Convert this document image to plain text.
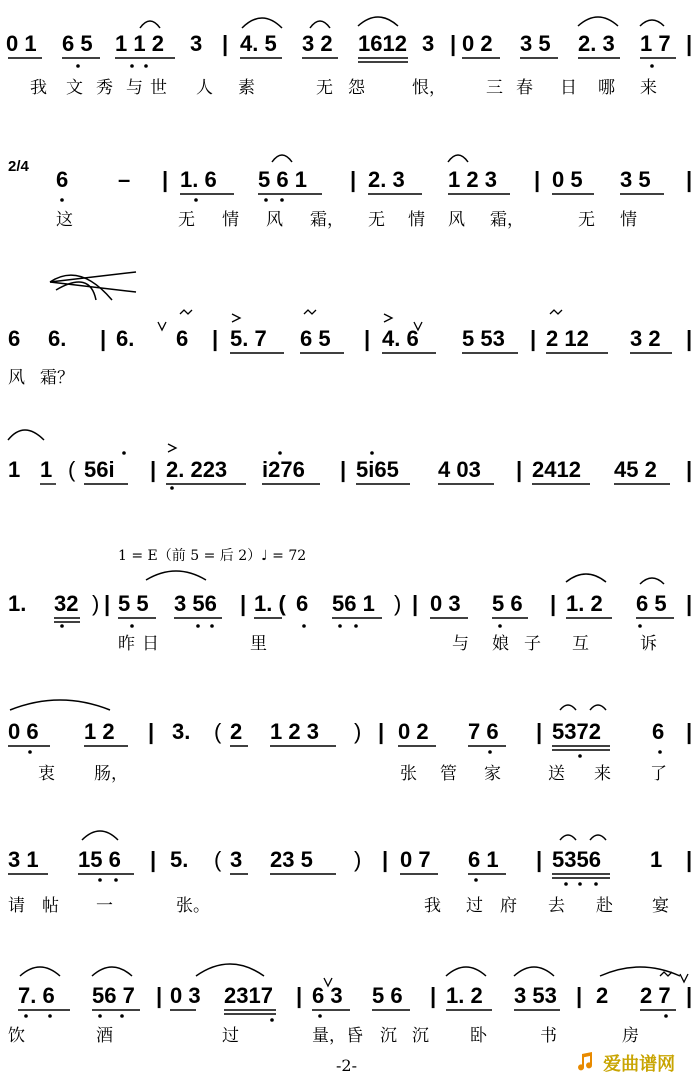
0 1 6 5 1 1 2 3 | 4. 5 3 2 1612 3 | 0 2 3 5 2. 3 1 7 |
我 文 秀 与 世 人 素	无 怨	恨， 三 春 日 哪 来
2/4
6 – | 1. 6 5 6 1 | 2. 3 1 2 3 | 0 5 3 5 |
这	无 情 风 霜， 无 情 风 霜，	无 情
6 6. | 6. 6 | 5. 7 6 5 | 4. 6 5 53 | 2 12 3 2 |
风 霜？
1 1 ( 56i | 2. 223 i276 | 5i65 4 03 | 2412 45 2 |
1 = E（前 5 = 后 2）♩ = 72
1. 32 ) | 5 5 3 56 | 1. ( 6 56 1 ) | 0 3 5 6 | 1. 2 6 5 |
昨 日	里	与 娘 子 互	诉
0 6 1 2 | 3. ( 2 1 2 3 ) | 0 2 7 6 | 5372 6 |
衷 肠，	张 管 家	送 来 了
3 1 15 6 | 5. ( 3 23 5 ) | 0 7 6 1 | 5356 1 |
请 帖 一	张。	我 过 府 去 赴 宴
7. 6 56 7 | 0 3 2317 | 6 3 5 6 | 1. 2 3 53 | 2 2 7 |
饮	酒	过	量，昏 沉 沉 卧	书	房
-2-	爱曲谱网
